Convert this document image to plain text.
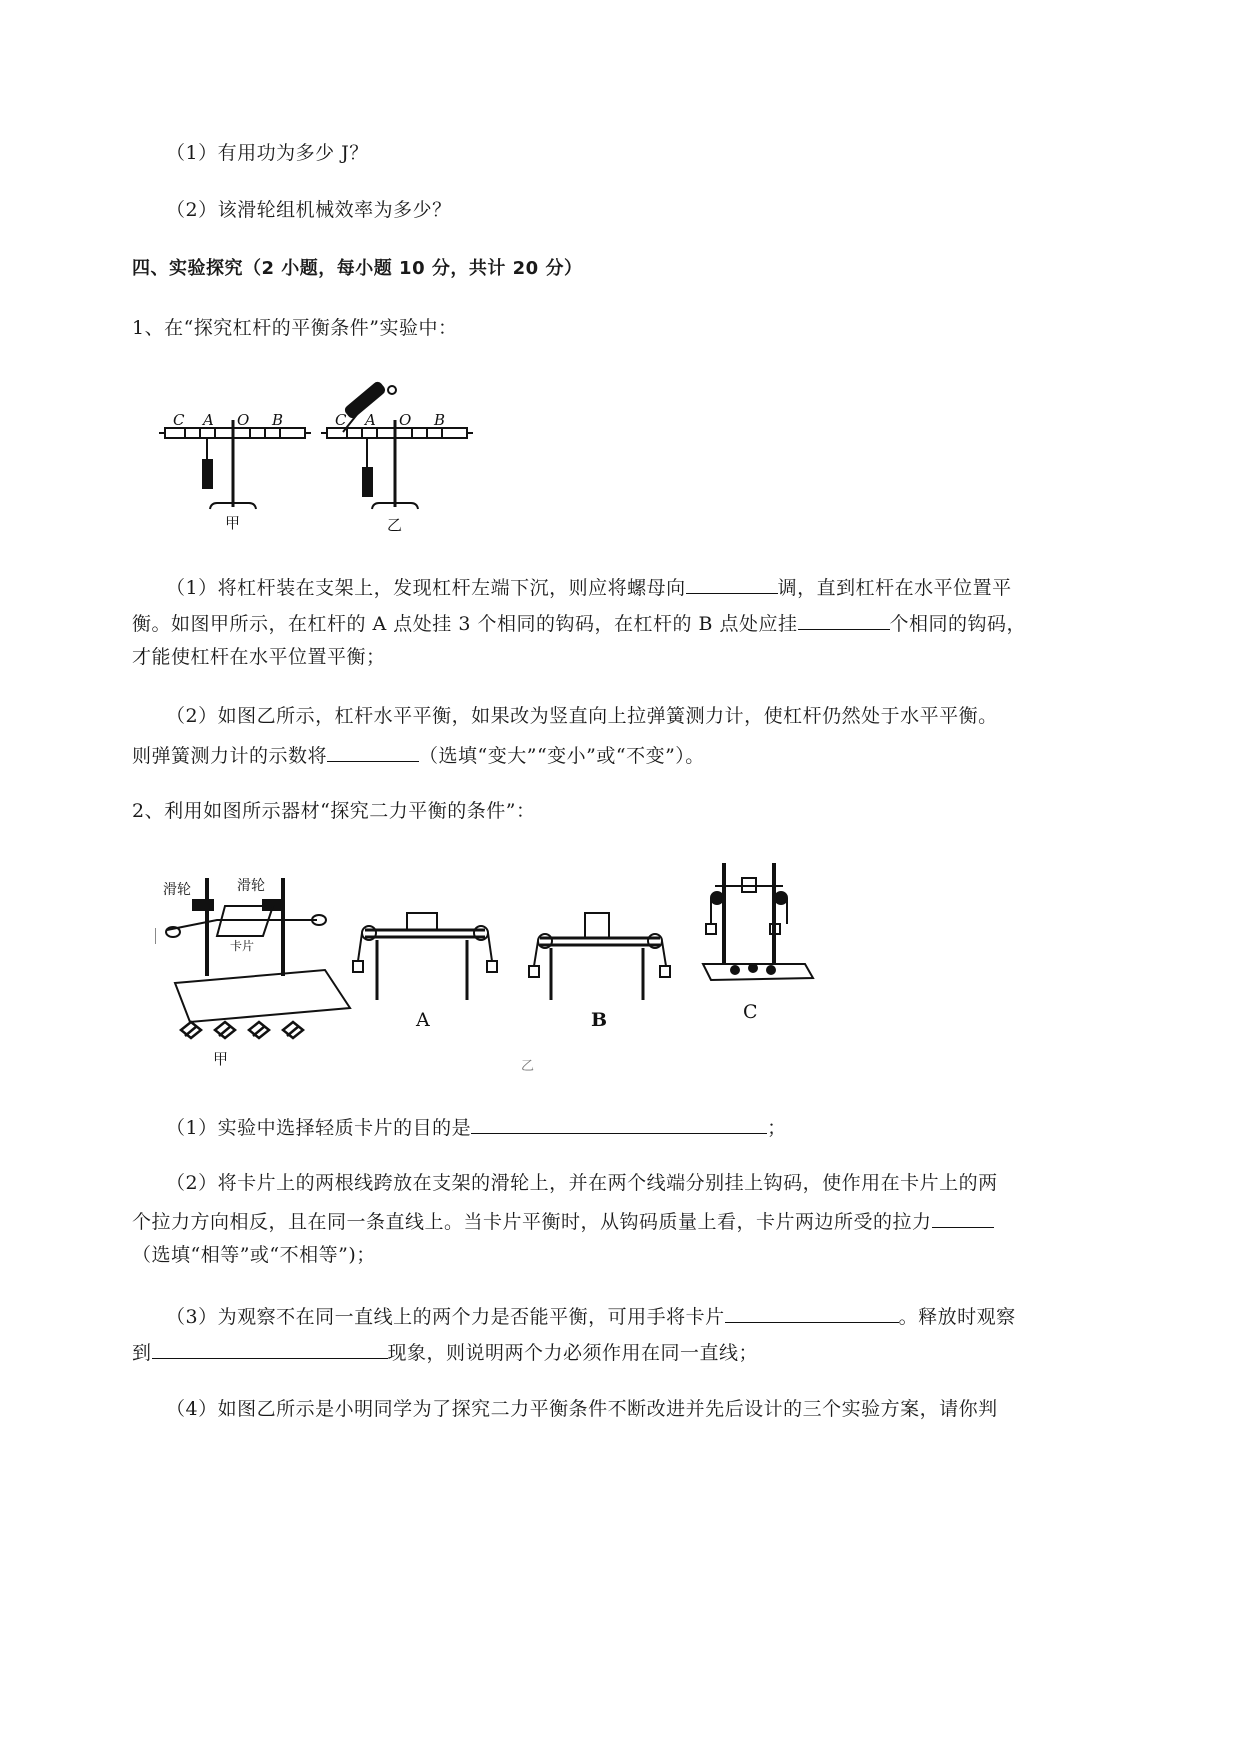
（1）有用功为多少 J？
（2）该滑轮组机械效率为多少？
四、实验探究（2 小题，每小题 10 分，共计 20 分）
1、在“探究杠杆的平衡条件”实验中：
C A O B	C A O B
甲	乙
（1）将杠杆装在支架上，发现杠杆左端下沉，则应将螺母向	调，直到杠杆在水平位置平
衡。如图甲所示，在杠杆的 A 点处挂 3 个相同的钩码，在杠杆的 B 点处应挂	个相同的钩码，
才能使杠杆在水平位置平衡；
（2）如图乙所示，杠杆水平平衡，如果改为竖直向上拉弹簧测力计，使杠杆仍然处于水平平衡。
则弹簧测力计的示数将	（选填“变大”“变小”或“不变”）。
2、利用如图所示器材“探究二力平衡的条件”：
滑轮	滑轮
卡片
甲	乙
A	B	C
（1）实验中选择轻质卡片的目的是	；
（2）将卡片上的两根线跨放在支架的滑轮上，并在两个线端分别挂上钩码，使作用在卡片上的两
个拉力方向相反，且在同一条直线上。当卡片平衡时，从钩码质量上看，卡片两边所受的拉力
（选填“相等”或“不相等”)；
（3）为观察不在同一直线上的两个力是否能平衡，可用手将卡片	。释放时观察
到	现象，则说明两个力必须作用在同一直线；
（4）如图乙所示是小明同学为了探究二力平衡条件不断改进并先后设计的三个实验方案，请你判
